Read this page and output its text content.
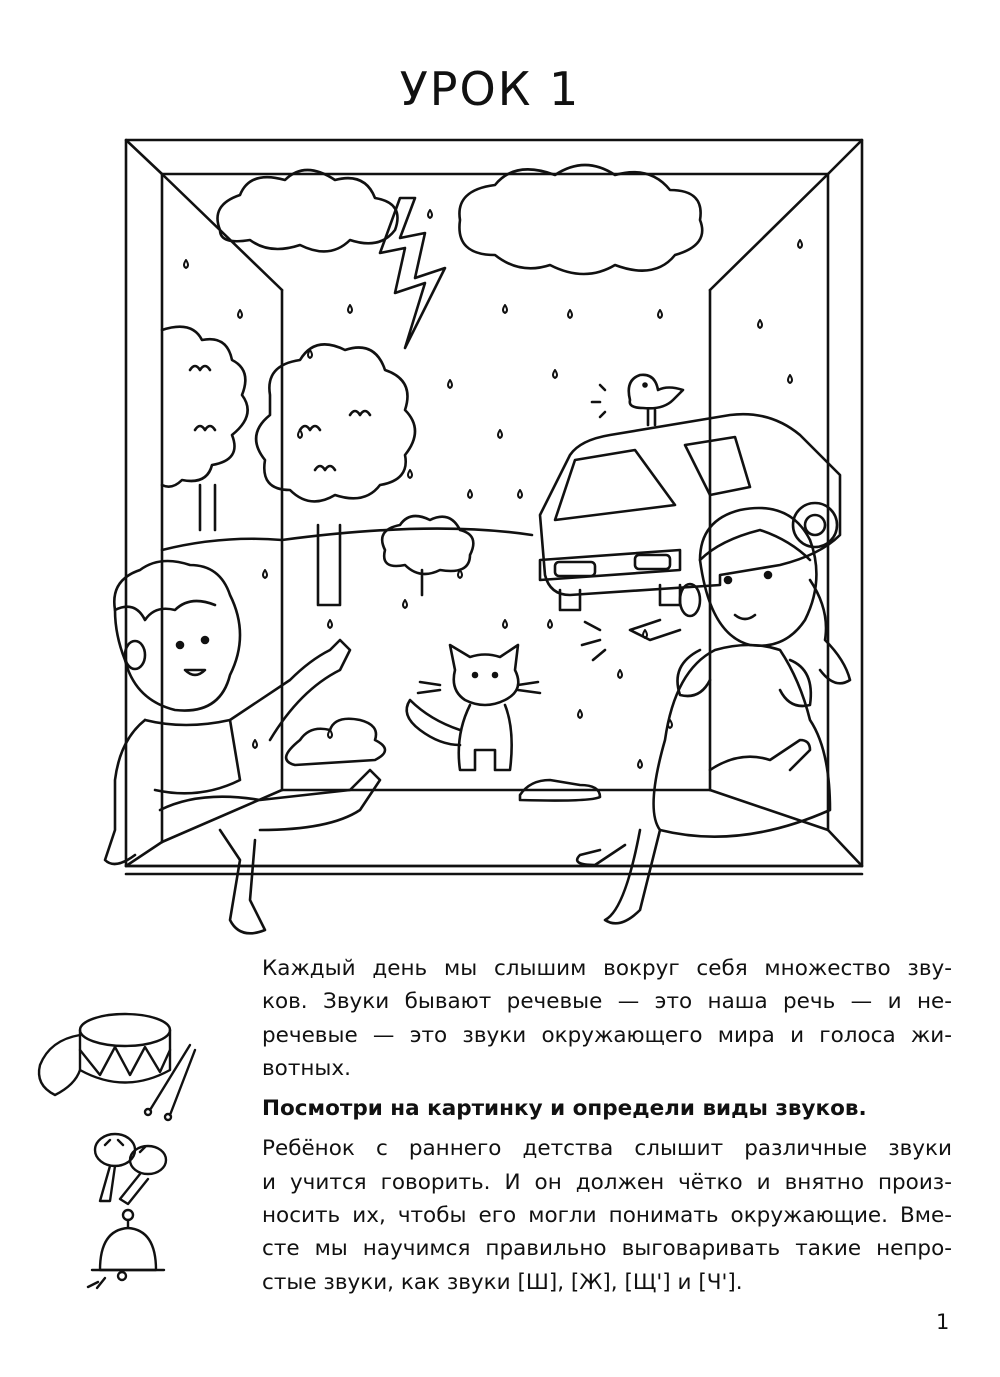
УРОК 1

Каждый день мы слышим вокруг себя множество зву-
ков. Звуки бывают речевые — это наша речь — и не-
речевые — это звуки окружающего мира и голоса жи-
вотных.

Посмотри на картинку и определи виды звуков.

Ребёнок с раннего детства слышит различные звуки
и учится говорить. И он должен чётко и внятно произ-
носить их, чтобы его могли понимать окружающие. Вме-
сте мы научимся правильно выговаривать такие непро-
стые звуки, как звуки [Ш], [Ж], [Щ'] и [Ч'].

1
